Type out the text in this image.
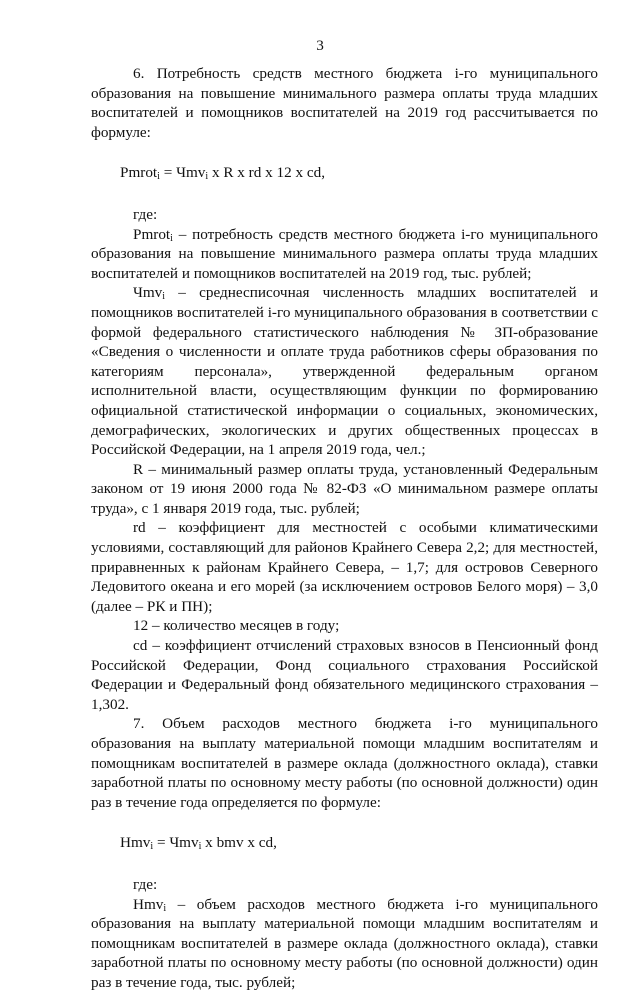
3

6. Потребность средств местного бюджета i-го муниципального образования на повышение минимального размера оплаты труда младших воспитателей и помощников воспитателей на 2019 год рассчитывается по формуле:

Pmrot$_i$ = Чmv$_i$ x R x rd x 12 x cd,

где:

Pmrot$_i$ – потребность средств местного бюджета i-го муниципального образования на повышение минимального размера оплаты труда младших воспитателей и помощников воспитателей на 2019 год, тыс. рублей;

Чmv$_i$ – среднесписочная численность младших воспитателей и помощников воспитателей i-го муниципального образования в соответствии с формой федерального статистического наблюдения № ЗП-образование «Сведения о численности и оплате труда работников сферы образования по категориям персонала», утвержденной федеральным органом исполнительной власти, осуществляющим функции по формированию официальной статистической информации о социальных, экономических, демографических, экологических и других общественных процессах в Российской Федерации, на 1 апреля 2019 года, чел.;

R – минимальный размер оплаты труда, установленный Федеральным законом от 19 июня 2000 года № 82-ФЗ «О минимальном размере оплаты труда», с 1 января 2019 года, тыс. рублей;

rd – коэффициент для местностей с особыми климатическими условиями, составляющий для районов Крайнего Севера 2,2; для местностей, приравненных к районам Крайнего Севера, – 1,7; для островов Северного Ледовитого океана и его морей (за исключением островов Белого моря) – 3,0 (далее – РК и ПН);

12 – количество месяцев в году;

cd – коэффициент отчислений страховых взносов в Пенсионный фонд Российской Федерации, Фонд социального страхования Российской Федерации и Федеральный фонд обязательного медицинского страхования – 1,302.

7. Объем расходов местного бюджета i-го муниципального образования на выплату материальной помощи младшим воспитателям и помощникам воспитателей в размере оклада (должностного оклада), ставки заработной платы по основному месту работы (по основной должности) один раз в течение года определяется по формуле:

Hmv$_i$ = Чmv$_i$ x bmv x cd,

где:

Hmv$_i$ – объем расходов местного бюджета i-го муниципального образования на выплату материальной помощи младшим воспитателям и помощникам воспитателей в размере оклада (должностного оклада), ставки заработной платы по основному месту работы (по основной должности) один раз в течение года, тыс. рублей;
